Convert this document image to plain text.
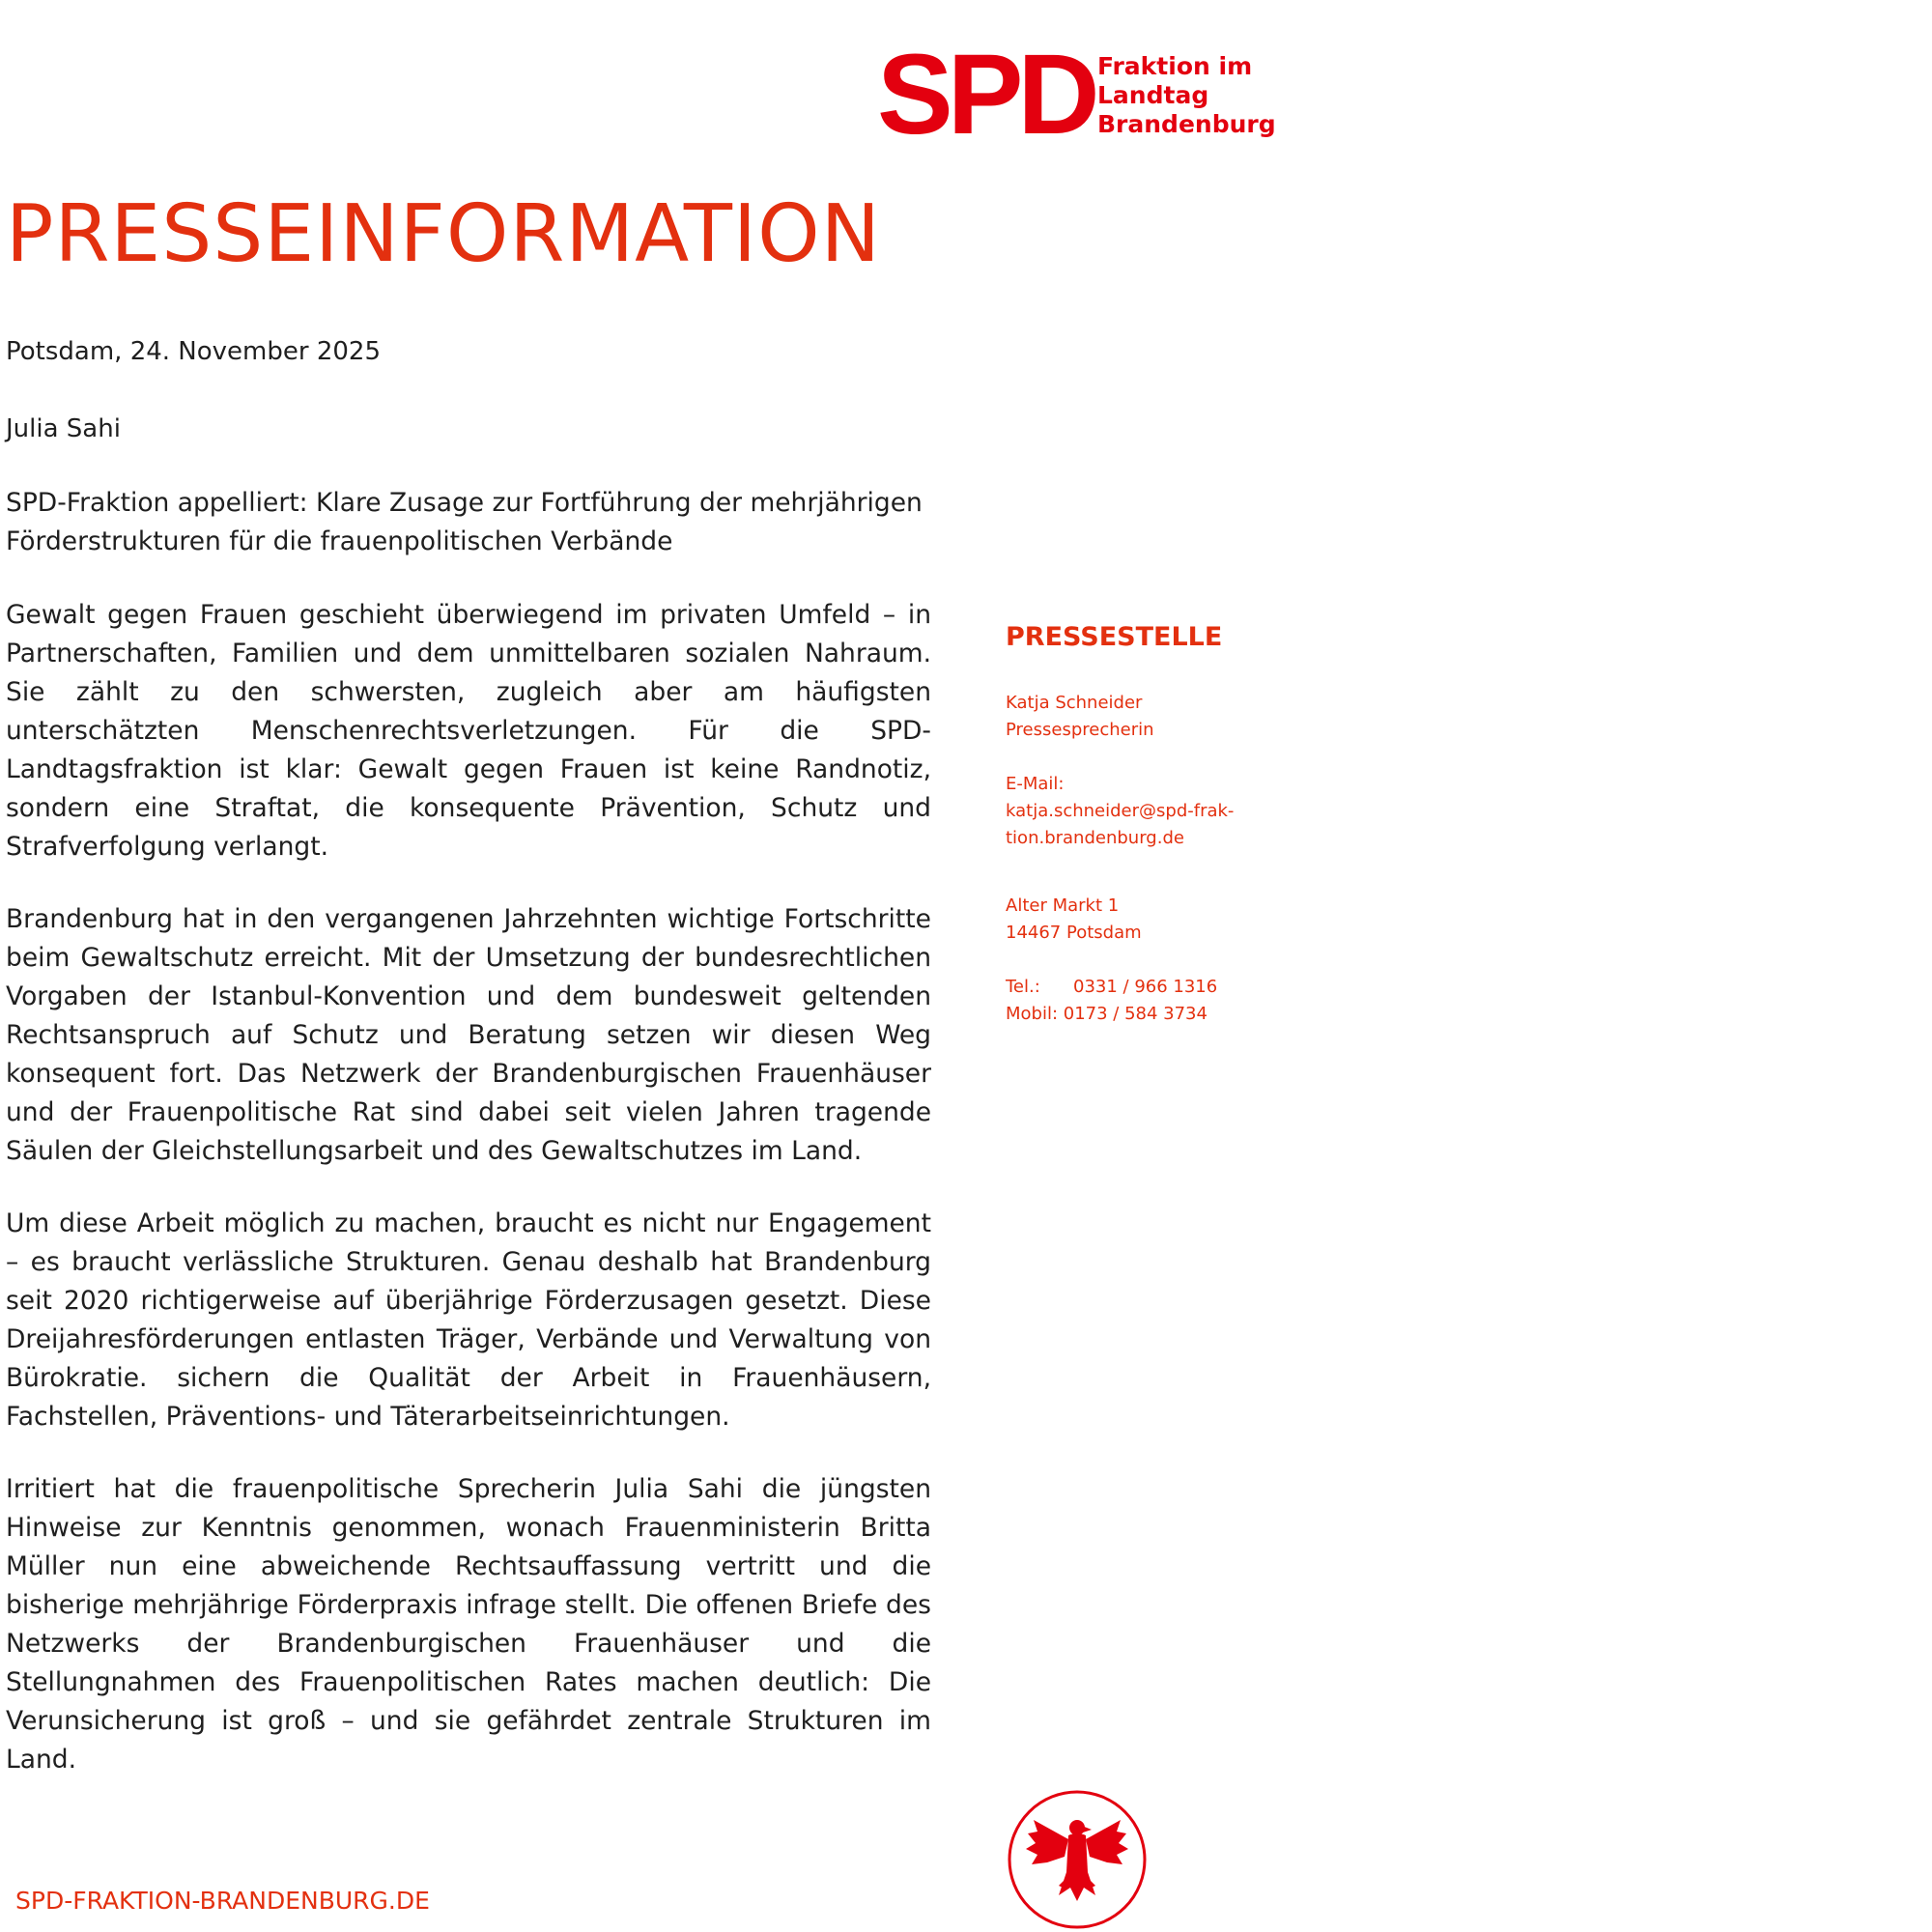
SPD Fraktion im
Landtag
Brandenburg
PRESSEINFORMATION
Potsdam, 24. November 2025
Julia Sahi

SPD-Fraktion appelliert: Klare Zusage zur Fortführung der mehrjährigen Förderstrukturen für die frauenpolitischen Verbände

Gewalt gegen Frauen geschieht überwiegend im privaten Umfeld – in Partnerschaften, Familien und dem unmittelbaren sozialen Nahraum. Sie zählt zu den schwersten, zugleich aber am häufigsten unterschätzten Menschenrechtsverletzungen. Für die SPD-Landtagsfraktion ist klar: Gewalt gegen Frauen ist keine Randnotiz, sondern eine Straftat, die konsequente Prävention, Schutz und Strafverfolgung verlangt.

Brandenburg hat in den vergangenen Jahrzehnten wichtige Fortschritte beim Gewaltschutz erreicht. Mit der Umsetzung der bundesrechtlichen Vorgaben der Istanbul-Konvention und dem bundesweit geltenden Rechtsanspruch auf Schutz und Beratung setzen wir diesen Weg konsequent fort. Das Netzwerk der Brandenburgischen Frauenhäuser und der Frauenpolitische Rat sind dabei seit vielen Jahren tragende Säulen der Gleichstellungsarbeit und des Gewaltschutzes im Land.

Um diese Arbeit möglich zu machen, braucht es nicht nur Engagement – es braucht verlässliche Strukturen. Genau deshalb hat Brandenburg seit 2020 richtigerweise auf überjährige Förderzusagen gesetzt. Diese Dreijahresförderungen entlasten Träger, Verbände und Verwaltung von Bürokratie. sichern die Qualität der Arbeit in Frauenhäusern, Fachstellen, Präventions- und Täterarbeitseinrichtungen.

Irritiert hat die frauenpolitische Sprecherin Julia Sahi die jüngsten Hinweise zur Kenntnis genommen, wonach Frauenministerin Britta Müller nun eine abweichende Rechtsauffassung vertritt und die bisherige mehrjährige Förderpraxis infrage stellt. Die offenen Briefe des Netzwerks der Brandenburgischen Frauenhäuser und die Stellungnahmen des Frauenpolitischen Rates machen deutlich: Die Verunsicherung ist groß – und sie gefährdet zentrale Strukturen im Land.

PRESSESTELLE
Katja Schneider
Pressesprecherin
E-Mail:
katja.schneider@spd-frak-
tion.brandenburg.de
Alter Markt 1
14467 Potsdam
Tel.: 0331 / 966 1316
Mobil: 0173 / 584 3734
SPD-FRAKTION-BRANDENBURG.DE
